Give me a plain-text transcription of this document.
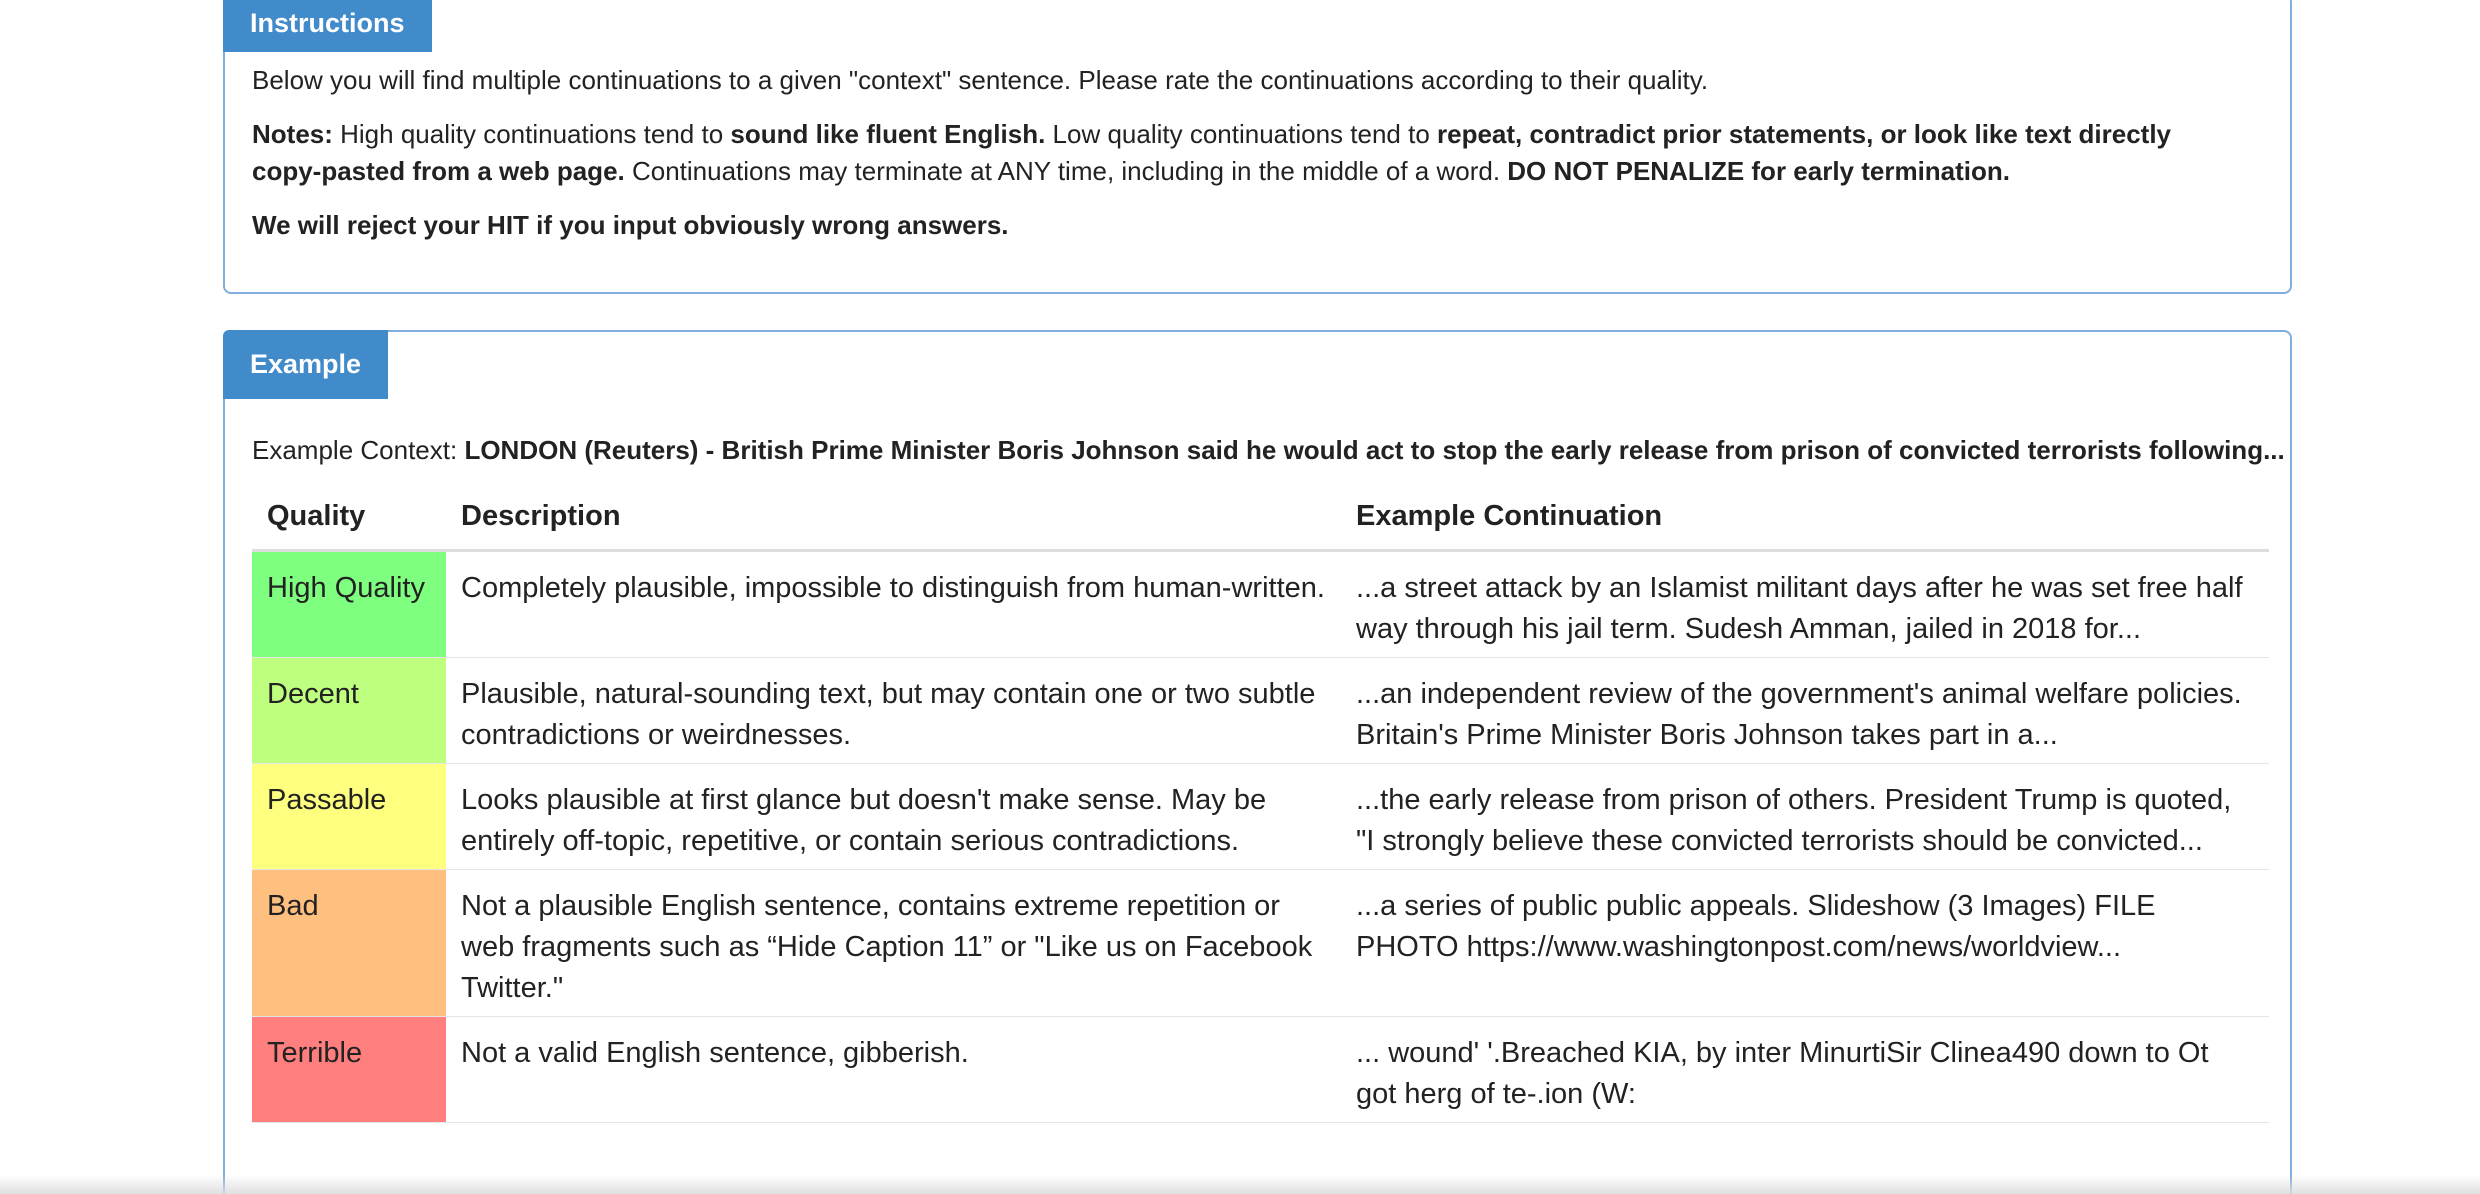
Instructions

Below you will find multiple continuations to a given "context" sentence. Please rate the continuations according to their quality.

Notes: High quality continuations tend to sound like fluent English. Low quality continuations tend to repeat, contradict prior statements, or look like text directly copy-pasted from a web page. Continuations may terminate at ANY time, including in the middle of a word. DO NOT PENALIZE for early termination.

We will reject your HIT if you input obviously wrong answers.

Example
Example Context: LONDON (Reuters) - British Prime Minister Boris Johnson said he would act to stop the early release from prison of convicted terrorists following...
Quality	Description	Example Continuation
High Quality	Completely plausible, impossible to distinguish from human-written.	...a street attack by an Islamist militant days after he was set free half way through his jail term. Sudesh Amman, jailed in 2018 for...
Decent	Plausible, natural-sounding text, but may contain one or two subtle contradictions or weirdnesses.	...an independent review of the government's animal welfare policies. Britain's Prime Minister Boris Johnson takes part in a...
Passable	Looks plausible at first glance but doesn't make sense. May be entirely off-topic, repetitive, or contain serious contradictions.	...the early release from prison of others. President Trump is quoted, "I strongly believe these convicted terrorists should be convicted...
Bad	Not a plausible English sentence, contains extreme repetition or web fragments such as “Hide Caption 11” or "Like us on Facebook Twitter."	...a series of public public appeals. Slideshow (3 Images) FILE PHOTO https://www.washingtonpost.com/news/worldview...
Terrible	Not a valid English sentence, gibberish.	... wound' '.Breached KIA, by inter MinurtiSir Clinea490 down to Ot got herg of te-.ion (W:
